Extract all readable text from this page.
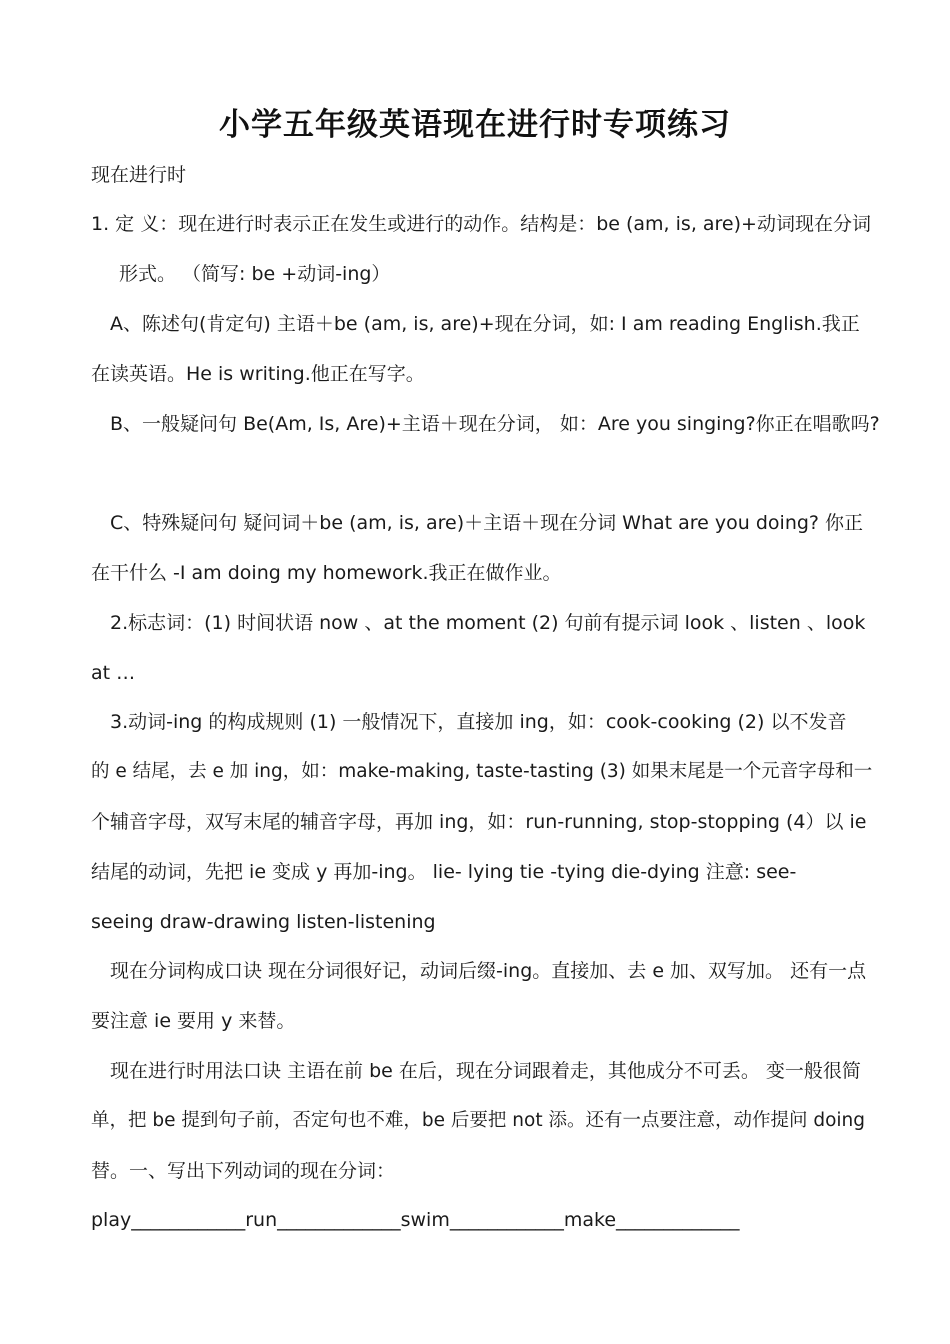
小学五年级英语现在进行时专项练习
现在进行时
1. 定 义：现在进行时表示正在发生或进行的动作。结构是：be (am, is, are)+动词现在分词
形式。 （简写: be +动词-ing）
A、陈述句(肯定句) 主语＋be (am, is, are)+现在分词，如: I am reading English.我正
在读英语。He is writing.他正在写字。
B、一般疑问句 Be(Am, Is, Are)+主语＋现在分词， 如：Are you singing?你正在唱歌吗?
C、特殊疑问句 疑问词＋be (am, is, are)＋主语＋现在分词 What are you doing? 你正
在干什么 -I am doing my homework.我正在做作业。
2.标志词：(1) 时间状语 now 、at the moment (2) 句前有提示词 look 、listen 、look
at …
3.动词-ing 的构成规则 (1) 一般情况下，直接加 ing，如：cook-cooking (2) 以不发音
的 e 结尾，去 e 加 ing，如：make-making, taste-tasting (3) 如果末尾是一个元音字母和一
个辅音字母，双写末尾的辅音字母，再加 ing，如：run-running, stop-stopping (4）以 ie
结尾的动词，先把 ie 变成 y 再加-ing。 lie- lying tie -tying die-dying 注意: see-
seeing draw-drawing listen-listening
现在分词构成口诀 现在分词很好记，动词后缀-ing。直接加、去 e 加、双写加。 还有一点
要注意 ie 要用 y 来替。
现在进行时用法口诀 主语在前 be 在后，现在分词跟着走，其他成分不可丢。 变一般很简
单，把 be 提到句子前，否定句也不难，be 后要把 not 添。还有一点要注意，动作提问 doing
替。一、写出下列动词的现在分词：
play____________run_____________swim____________make_____________
